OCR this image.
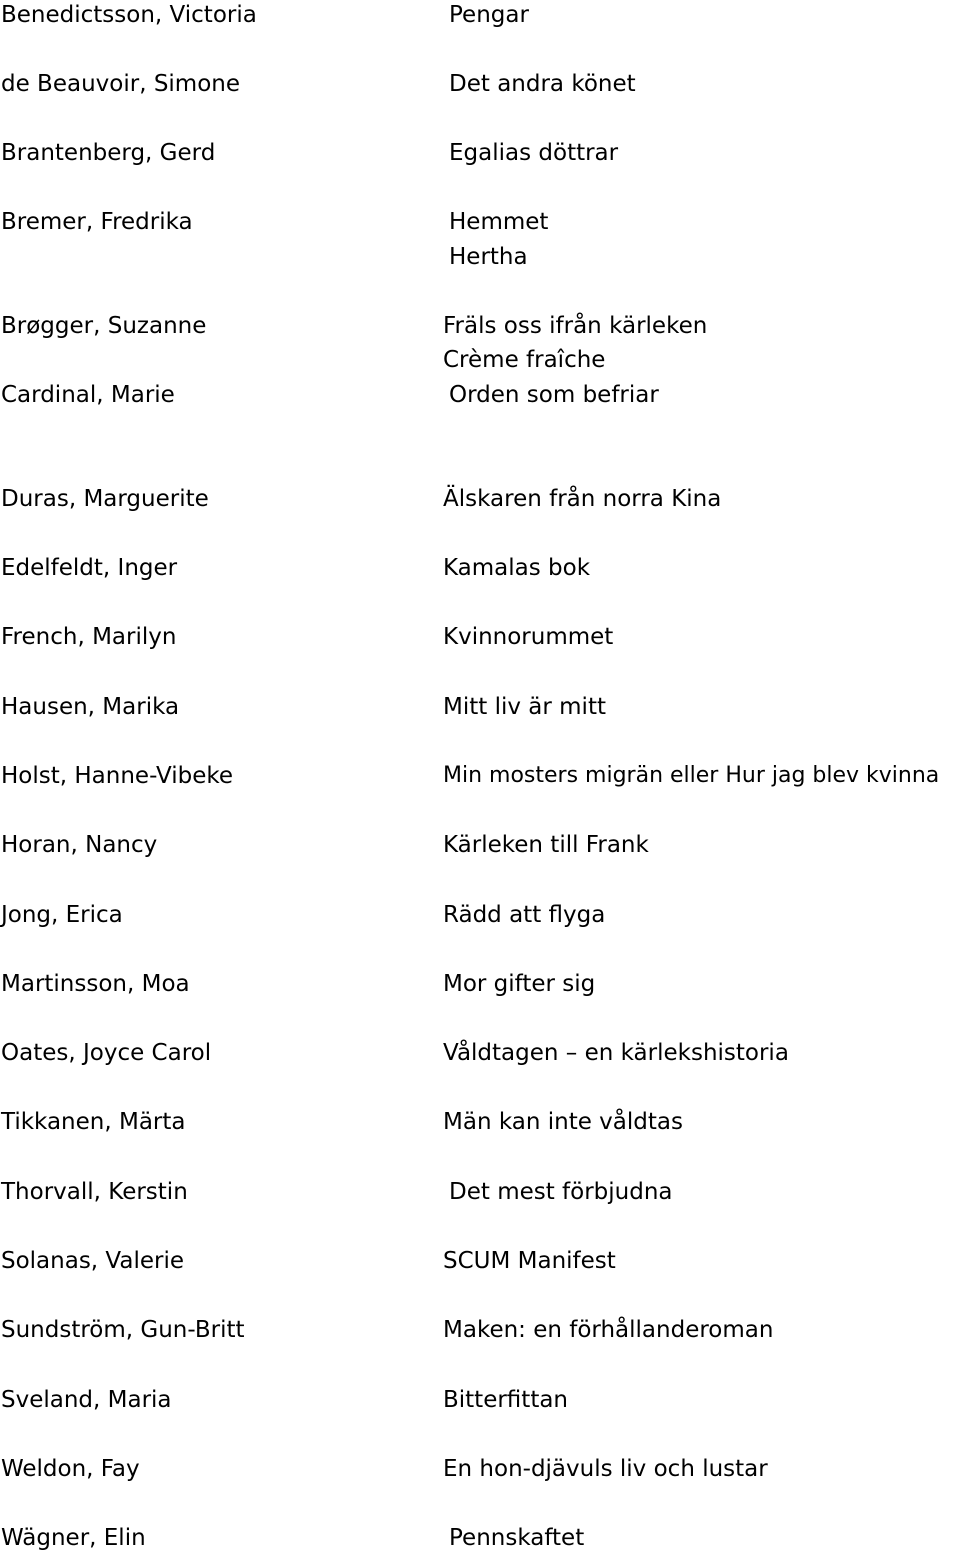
Benedictsson, Victoria	Pengar
de Beauvoir, Simone	Det andra könet
Brantenberg, Gerd	Egalias döttrar
Bremer, Fredrika	Hemmet
Hertha
Brøgger, Suzanne	Fräls oss ifrån kärleken
Crème fraîche
Cardinal, Marie	Orden som befriar
Duras, Marguerite	Älskaren från norra Kina
Edelfeldt, Inger	Kamalas bok
French, Marilyn	Kvinnorummet
Hausen, Marika	Mitt liv är mitt
Holst, Hanne-Vibeke	Min mosters migrän eller Hur jag blev kvinna
Horan, Nancy	Kärleken till Frank
Jong, Erica	Rädd att flyga
Martinsson, Moa	Mor gifter sig
Oates, Joyce Carol	Våldtagen – en kärlekshistoria
Tikkanen, Märta	Män kan inte våldtas
Thorvall, Kerstin	Det mest förbjudna
Solanas, Valerie	SCUM Manifest
Sundström, Gun-Britt	Maken: en förhållanderoman
Sveland, Maria	Bitterfittan
Weldon, Fay	En hon-djävuls liv och lustar
Wägner, Elin	Pennskaftet
